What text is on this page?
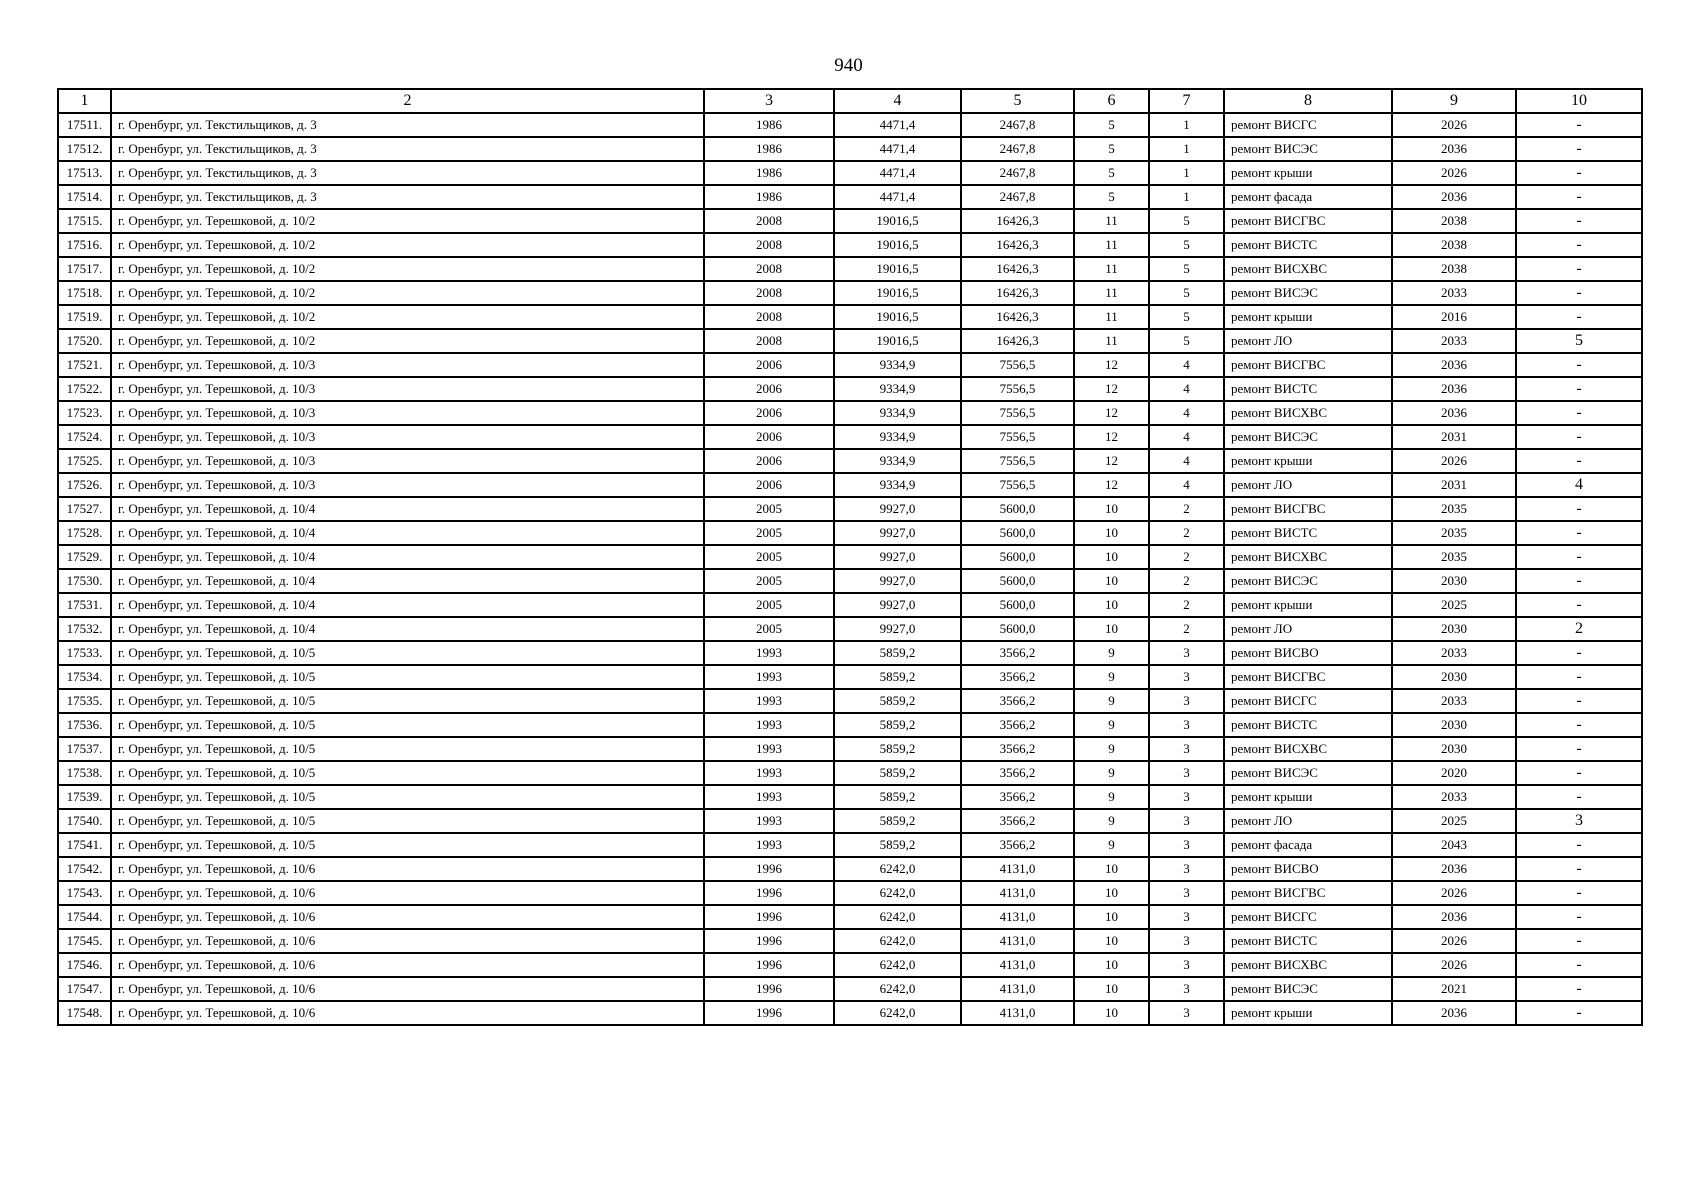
940
1	2	3	4	5	6	7	8	9	10
17511.	г. Оренбург, ул. Текстильщиков, д. 3	1986	4471,4	2467,8	5	1	ремонт ВИСГС	2026	-
17512.	г. Оренбург, ул. Текстильщиков, д. 3	1986	4471,4	2467,8	5	1	ремонт ВИСЭС	2036	-
17513.	г. Оренбург, ул. Текстильщиков, д. 3	1986	4471,4	2467,8	5	1	ремонт крыши	2026	-
17514.	г. Оренбург, ул. Текстильщиков, д. 3	1986	4471,4	2467,8	5	1	ремонт фасада	2036	-
17515.	г. Оренбург, ул. Терешковой, д. 10/2	2008	19016,5	16426,3	11	5	ремонт ВИСГВС	2038	-
17516.	г. Оренбург, ул. Терешковой, д. 10/2	2008	19016,5	16426,3	11	5	ремонт ВИСТС	2038	-
17517.	г. Оренбург, ул. Терешковой, д. 10/2	2008	19016,5	16426,3	11	5	ремонт ВИСХВС	2038	-
17518.	г. Оренбург, ул. Терешковой, д. 10/2	2008	19016,5	16426,3	11	5	ремонт ВИСЭС	2033	-
17519.	г. Оренбург, ул. Терешковой, д. 10/2	2008	19016,5	16426,3	11	5	ремонт крыши	2016	-
17520.	г. Оренбург, ул. Терешковой, д. 10/2	2008	19016,5	16426,3	11	5	ремонт ЛО	2033	5
17521.	г. Оренбург, ул. Терешковой, д. 10/3	2006	9334,9	7556,5	12	4	ремонт ВИСГВС	2036	-
17522.	г. Оренбург, ул. Терешковой, д. 10/3	2006	9334,9	7556,5	12	4	ремонт ВИСТС	2036	-
17523.	г. Оренбург, ул. Терешковой, д. 10/3	2006	9334,9	7556,5	12	4	ремонт ВИСХВС	2036	-
17524.	г. Оренбург, ул. Терешковой, д. 10/3	2006	9334,9	7556,5	12	4	ремонт ВИСЭС	2031	-
17525.	г. Оренбург, ул. Терешковой, д. 10/3	2006	9334,9	7556,5	12	4	ремонт крыши	2026	-
17526.	г. Оренбург, ул. Терешковой, д. 10/3	2006	9334,9	7556,5	12	4	ремонт ЛО	2031	4
17527.	г. Оренбург, ул. Терешковой, д. 10/4	2005	9927,0	5600,0	10	2	ремонт ВИСГВС	2035	-
17528.	г. Оренбург, ул. Терешковой, д. 10/4	2005	9927,0	5600,0	10	2	ремонт ВИСТС	2035	-
17529.	г. Оренбург, ул. Терешковой, д. 10/4	2005	9927,0	5600,0	10	2	ремонт ВИСХВС	2035	-
17530.	г. Оренбург, ул. Терешковой, д. 10/4	2005	9927,0	5600,0	10	2	ремонт ВИСЭС	2030	-
17531.	г. Оренбург, ул. Терешковой, д. 10/4	2005	9927,0	5600,0	10	2	ремонт крыши	2025	-
17532.	г. Оренбург, ул. Терешковой, д. 10/4	2005	9927,0	5600,0	10	2	ремонт ЛО	2030	2
17533.	г. Оренбург, ул. Терешковой, д. 10/5	1993	5859,2	3566,2	9	3	ремонт ВИСВО	2033	-
17534.	г. Оренбург, ул. Терешковой, д. 10/5	1993	5859,2	3566,2	9	3	ремонт ВИСГВС	2030	-
17535.	г. Оренбург, ул. Терешковой, д. 10/5	1993	5859,2	3566,2	9	3	ремонт ВИСГС	2033	-
17536.	г. Оренбург, ул. Терешковой, д. 10/5	1993	5859,2	3566,2	9	3	ремонт ВИСТС	2030	-
17537.	г. Оренбург, ул. Терешковой, д. 10/5	1993	5859,2	3566,2	9	3	ремонт ВИСХВС	2030	-
17538.	г. Оренбург, ул. Терешковой, д. 10/5	1993	5859,2	3566,2	9	3	ремонт ВИСЭС	2020	-
17539.	г. Оренбург, ул. Терешковой, д. 10/5	1993	5859,2	3566,2	9	3	ремонт крыши	2033	-
17540.	г. Оренбург, ул. Терешковой, д. 10/5	1993	5859,2	3566,2	9	3	ремонт ЛО	2025	3
17541.	г. Оренбург, ул. Терешковой, д. 10/5	1993	5859,2	3566,2	9	3	ремонт фасада	2043	-
17542.	г. Оренбург, ул. Терешковой, д. 10/6	1996	6242,0	4131,0	10	3	ремонт ВИСВО	2036	-
17543.	г. Оренбург, ул. Терешковой, д. 10/6	1996	6242,0	4131,0	10	3	ремонт ВИСГВС	2026	-
17544.	г. Оренбург, ул. Терешковой, д. 10/6	1996	6242,0	4131,0	10	3	ремонт ВИСГС	2036	-
17545.	г. Оренбург, ул. Терешковой, д. 10/6	1996	6242,0	4131,0	10	3	ремонт ВИСТС	2026	-
17546.	г. Оренбург, ул. Терешковой, д. 10/6	1996	6242,0	4131,0	10	3	ремонт ВИСХВС	2026	-
17547.	г. Оренбург, ул. Терешковой, д. 10/6	1996	6242,0	4131,0	10	3	ремонт ВИСЭС	2021	-
17548.	г. Оренбург, ул. Терешковой, д. 10/6	1996	6242,0	4131,0	10	3	ремонт крыши	2036	-
